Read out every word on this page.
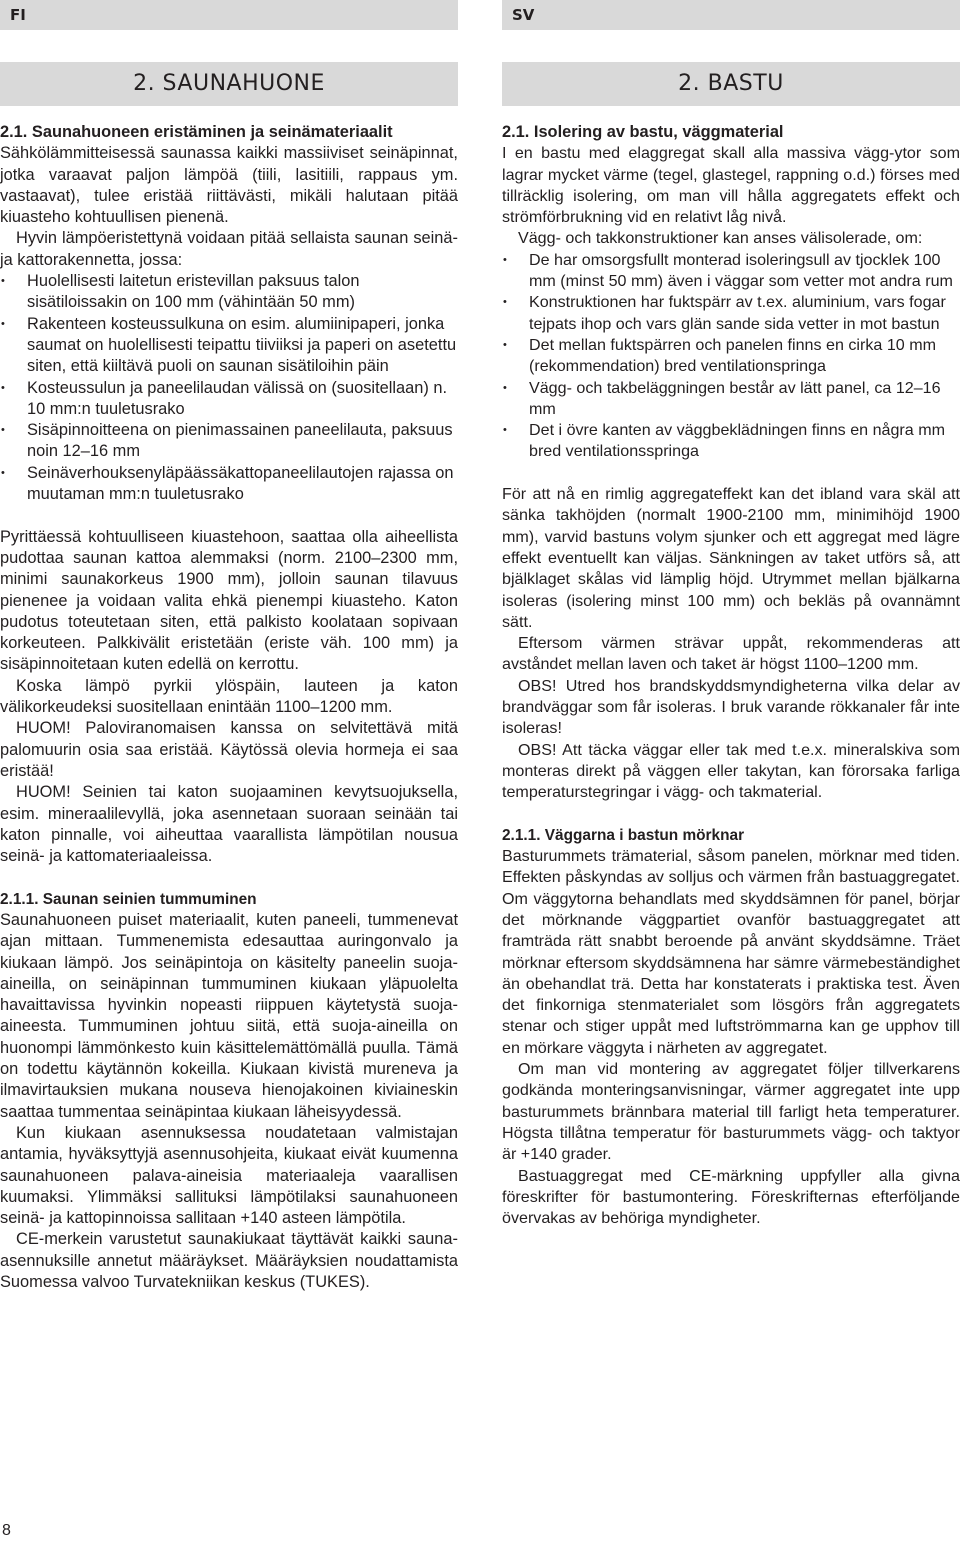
FI	SV
2. SAUNAHUONE
2.1. Saunahuoneen eristäminen ja seinämateriaalit

Sähkölämmitteisessä saunassa kaikki massiiviset seinäpinnat, jotka varaavat paljon lämpöä (tiili, lasitiili, rappaus ym. vastaavat), tulee eristää riittävästi, mikäli halutaan pitää kiuasteho kohtuullisen pienenä.

Hyvin lämpöeristettynä voidaan pitää sellaista saunan seinä- ja kattorakennetta, jossa:

• Huolellisesti laitetun eristevillan paksuus talon sisätiloissakin on 100 mm (vähintään 50 mm)
• Rakenteen kosteussulkuna on esim. alumiinipaperi, jonka saumat on huolellisesti teipattu tiiviiksi ja paperi on asetettu siten, että kiiltävä puoli on saunan sisätiloihin päin
• Kosteussulun ja paneelilaudan välissä on (suositellaan) n. 10 mm:n tuuletusrako
• Sisäpinnoitteena on pienimassainen paneelilauta, paksuus noin 12–16 mm
• Seinäverhouksenyläpäässäkattopaneelilautojen rajassa on muutaman mm:n tuuletusrako

Pyrittäessä kohtuulliseen kiuastehoon, saattaa olla aiheellista pudottaa saunan kattoa alemmaksi (norm. 2100–2300 mm, minimi saunakorkeus 1900 mm), jolloin saunan tilavuus pienenee ja voidaan valita ehkä pienempi kiuasteho. Katon pudotus toteutetaan siten, että palkisto koolataan sopivaan korkeuteen. Palkkivälit eristetään (eriste väh. 100 mm) ja sisäpinnoitetaan kuten edellä on kerrottu.

Koska lämpö pyrkii ylöspäin, lauteen ja katon välikorkeudeksi suositellaan enintään 1100–1200 mm.

HUOM! Paloviranomaisen kanssa on selvitettävä mitä palomuurin osia saa eristää. Käytössä olevia hormeja ei saa eristää!

HUOM! Seinien tai katon suojaaminen kevytsuojuksella, esim. mineraalilevyllä, joka asennetaan suoraan seinään tai katon pinnalle, voi aiheuttaa vaarallista lämpötilan nousua seinä- ja kattomateriaaleissa.

2.1.1. Saunan seinien tummuminen

Saunahuoneen puiset materiaalit, kuten paneeli, tummenevat ajan mittaan. Tummenemista edesauttaa auringonvalo ja kiukaan lämpö. Jos seinäpintoja on käsitelty paneelin suoja-aineilla, on seinäpinnan tummuminen kiukaan yläpuolelta havaittavissa hyvinkin nopeasti riippuen käytetystä suoja-aineesta. Tummuminen johtuu siitä, että suoja-aineilla on huonompi lämmönkesto kuin käsittelemättömällä puulla. Tämä on todettu käytännön kokeilla. Kiukaan kivistä mureneva ja ilmavirtauksien mukana nouseva hienojakoinen kiviaineskin saattaa tummentaa seinäpintaa kiukaan läheisyydessä.

Kun kiukaan asennuksessa noudatetaan valmistajan antamia, hyväksyttyjä asennusohjeita, kiukaat eivät kuumenna saunahuoneen palava-aineisia materiaaleja vaarallisen kuumaksi. Ylimmäksi sallituksi lämpötilaksi saunahuoneen seinä- ja kattopinnoissa sallitaan +140 asteen lämpötila.

CE-merkein varustetut saunakiukaat täyttävät kaikki sauna-asennuksille annetut määräykset. Määräyksien noudattamista Suomessa valvoo Turvatekniikan keskus (TUKES).

2. BASTU
2.1. Isolering av bastu, väggmaterial

I en bastu med elaggregat skall alla massiva vägg-ytor som lagrar mycket värme (tegel, glastegel, rappning o.d.) förses med tillräcklig isolering, om man vill hålla aggregatets effekt och strömförbrukning vid en relativt låg nivå.

Vägg- och takkonstruktioner kan anses välisolerade, om:

• De har omsorgsfullt monterad isoleringsull av tjocklek 100 mm (minst 50 mm) även i väggar som vetter mot andra rum
• Konstruktionen har fuktspärr av t.ex. aluminium, vars fogar tejpats ihop och vars glän sande sida vetter in mot bastun
• Det mellan fuktspärren och panelen finns en cirka 10 mm (rekommendation) bred ventilationspringa
• Vägg- och takbeläggningen består av lätt panel, ca 12–16 mm
• Det i övre kanten av väggbeklädningen finns en några mm bred ventilationsspringa

För att nå en rimlig aggregateffekt kan det ibland vara skäl att sänka takhöjden (normalt 1900-2100 mm, minimihöjd 1900 mm), varvid bastuns volym sjunker och ett aggregat med lägre effekt eventuellt kan väljas. Sänkningen av taket utförs så, att bjälklaget skålas vid lämplig höjd. Utrymmet mellan bjälkarna isoleras (isolering minst 100 mm) och bekläs på ovannämnt sätt.

Eftersom värmen strävar uppåt, rekommenderas att avståndet mellan laven och taket är högst 1100–1200 mm.

OBS! Utred hos brandskyddsmyndigheterna vilka delar av brandväggar som får isoleras. I bruk varande rökkanaler får inte isoleras!

OBS! Att täcka väggar eller tak med t.e.x. mineralskiva som monteras direkt på väggen eller takytan, kan förorsaka farliga temperaturstegringar i vägg- och takmaterial.

2.1.1. Väggarna i bastun mörknar

Basturummets trämaterial, såsom panelen, mörknar med tiden. Effekten påskyndas av solljus och värmen från bastuaggregatet. Om väggytorna behandlats med skyddsämnen för panel, börjar det mörknande väggpartiet ovanför bastuaggregatet att framträda rätt snabbt beroende på använt skyddsämne. Träet mörknar eftersom skyddsämnena har sämre värmebeständighet än obehandlat trä. Detta har konstaterats i praktiska test. Även det finkorniga stenmaterialet som lösgörs från aggregatets stenar och stiger uppåt med luftströmmarna kan ge upphov till en mörkare väggyta i närheten av aggregatet.

Om man vid montering av aggregatet följer tillverkarens godkända monteringsanvisningar, värmer aggregatet inte upp basturummets brännbara material till farligt heta temperaturer. Högsta tillåtna temperatur för basturummets vägg- och taktyor är +140 grader.

Bastuaggregat med CE-märkning uppfyller alla givna föreskrifter för bastumontering. Föreskrifternas efterföljande övervakas av behöriga myndigheter.

8
